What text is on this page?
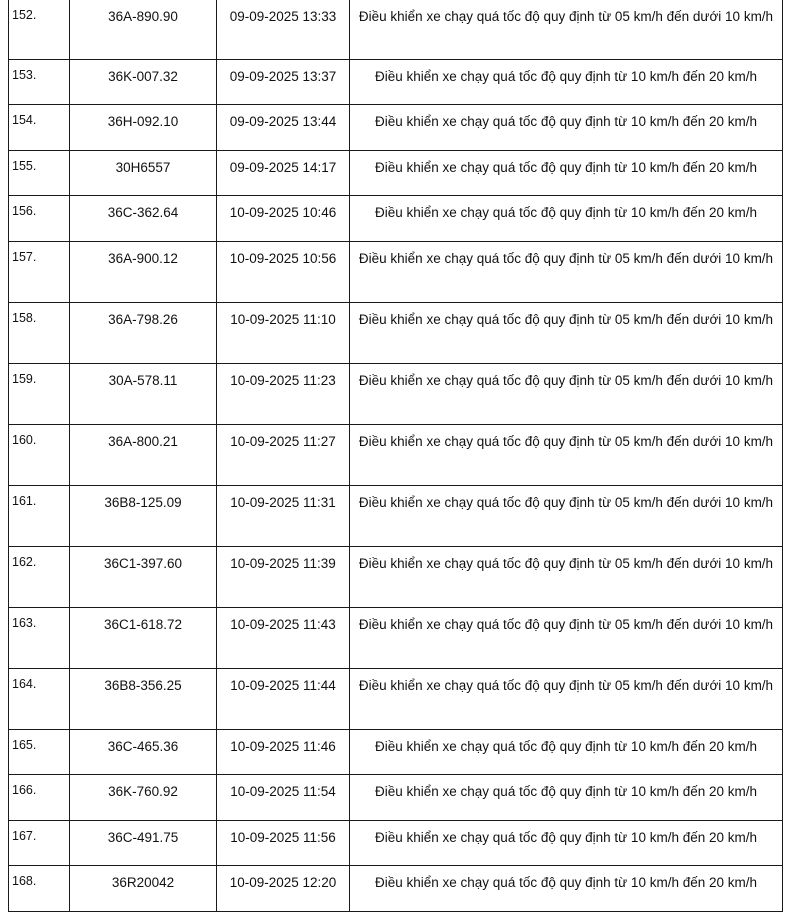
152.	36A-890.90	09-09-2025 13:33	Điều khiển xe chạy quá tốc độ quy định từ 05 km/h đến dưới 10 km/h
153.	36K-007.32	09-09-2025 13:37	Điều khiển xe chạy quá tốc độ quy định từ 10 km/h đến 20 km/h
154.	36H-092.10	09-09-2025 13:44	Điều khiển xe chạy quá tốc độ quy định từ 10 km/h đến 20 km/h
155.	30H6557	09-09-2025 14:17	Điều khiển xe chạy quá tốc độ quy định từ 10 km/h đến 20 km/h
156.	36C-362.64	10-09-2025 10:46	Điều khiển xe chạy quá tốc độ quy định từ 10 km/h đến 20 km/h
157.	36A-900.12	10-09-2025 10:56	Điều khiển xe chạy quá tốc độ quy định từ 05 km/h đến dưới 10 km/h
158.	36A-798.26	10-09-2025 11:10	Điều khiển xe chạy quá tốc độ quy định từ 05 km/h đến dưới 10 km/h
159.	30A-578.11	10-09-2025 11:23	Điều khiển xe chạy quá tốc độ quy định từ 05 km/h đến dưới 10 km/h
160.	36A-800.21	10-09-2025 11:27	Điều khiển xe chạy quá tốc độ quy định từ 05 km/h đến dưới 10 km/h
161.	36B8-125.09	10-09-2025 11:31	Điều khiển xe chạy quá tốc độ quy định từ 05 km/h đến dưới 10 km/h
162.	36C1-397.60	10-09-2025 11:39	Điều khiển xe chạy quá tốc độ quy định từ 05 km/h đến dưới 10 km/h
163.	36C1-618.72	10-09-2025 11:43	Điều khiển xe chạy quá tốc độ quy định từ 05 km/h đến dưới 10 km/h
164.	36B8-356.25	10-09-2025 11:44	Điều khiển xe chạy quá tốc độ quy định từ 05 km/h đến dưới 10 km/h
165.	36C-465.36	10-09-2025 11:46	Điều khiển xe chạy quá tốc độ quy định từ 10 km/h đến 20 km/h
166.	36K-760.92	10-09-2025 11:54	Điều khiển xe chạy quá tốc độ quy định từ 10 km/h đến 20 km/h
167.	36C-491.75	10-09-2025 11:56	Điều khiển xe chạy quá tốc độ quy định từ 10 km/h đến 20 km/h
168.	36R20042	10-09-2025 12:20	Điều khiển xe chạy quá tốc độ quy định từ 10 km/h đến 20 km/h
